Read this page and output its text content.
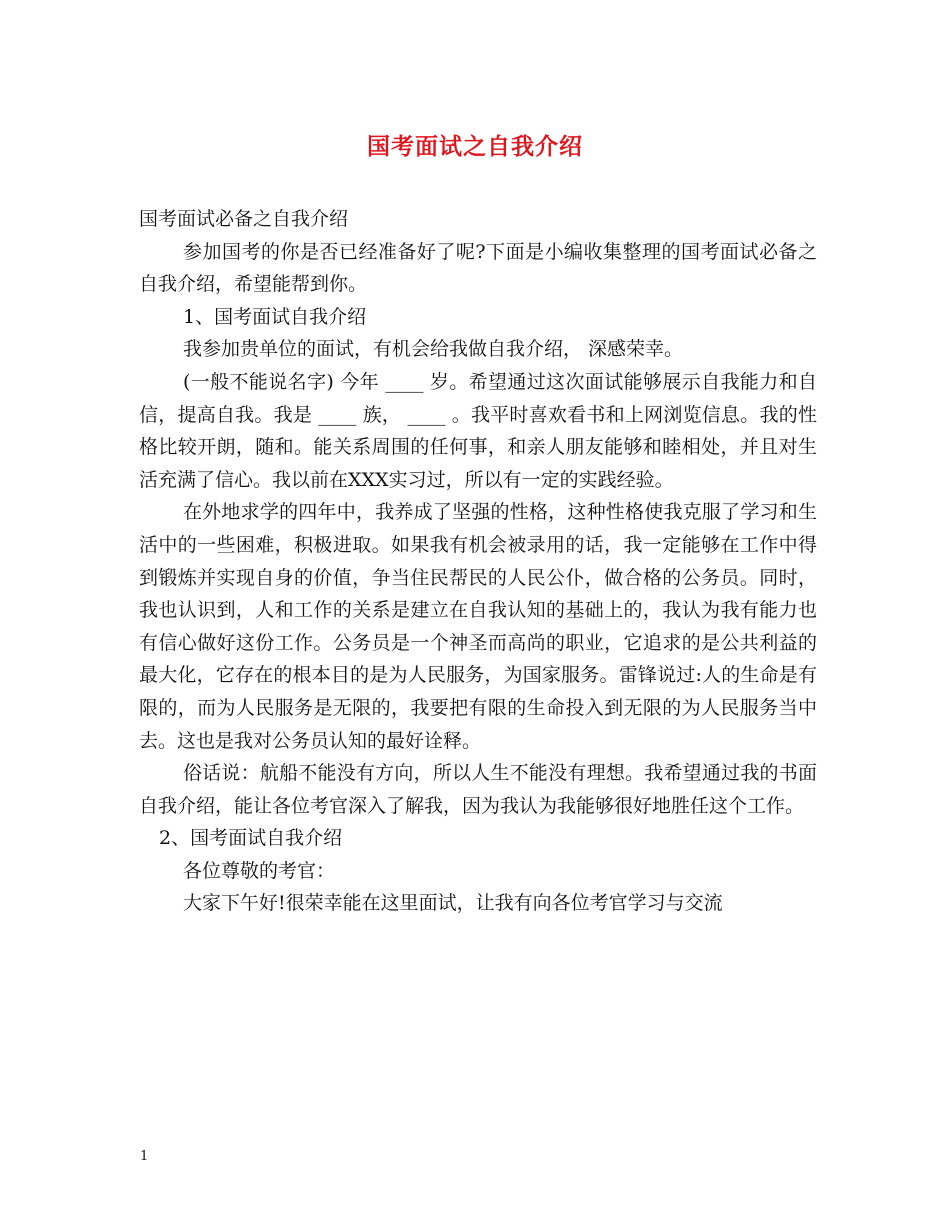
国考面试之自我介绍

国考面试必备之自我介绍

参加国考的你是否已经准备好了呢?下面是小编收集整理的国考面试必备之自我介绍，希望能帮到你。

1、国考面试自我介绍

我参加贵单位的面试，有机会给我做自我介绍， 深感荣幸。

(一般不能说名字) 今年 ____ 岁。希望通过这次面试能够展示自我能力和自信，提高自我。我是 ____ 族， ____ 。我平时喜欢看书和上网浏览信息。我的性格比较开朗，随和。能关系周围的任何事，和亲人朋友能够和睦相处，并且对生活充满了信心。我以前在XXX实习过，所以有一定的实践经验。

在外地求学的四年中，我养成了坚强的性格，这种性格使我克服了学习和生活中的一些困难，积极进取。如果我有机会被录用的话，我一定能够在工作中得到锻炼并实现自身的价值，争当住民帮民的人民公仆，做合格的公务员。同时，我也认识到，人和工作的关系是建立在自我认知的基础上的，我认为我有能力也有信心做好这份工作。公务员是一个神圣而高尚的职业，它追求的是公共利益的最大化，它存在的根本目的是为人民服务，为国家服务。雷锋说过:人的生命是有限的，而为人民服务是无限的，我要把有限的生命投入到无限的为人民服务当中去。这也是我对公务员认知的最好诠释。

俗话说：航船不能没有方向，所以人生不能没有理想。我希望通过我的书面自我介绍，能让各位考官深入了解我，因为我认为我能够很好地胜任这个工作。

2、国考面试自我介绍

各位尊敬的考官：

大家下午好!很荣幸能在这里面试，让我有向各位考官学习与交流

1
